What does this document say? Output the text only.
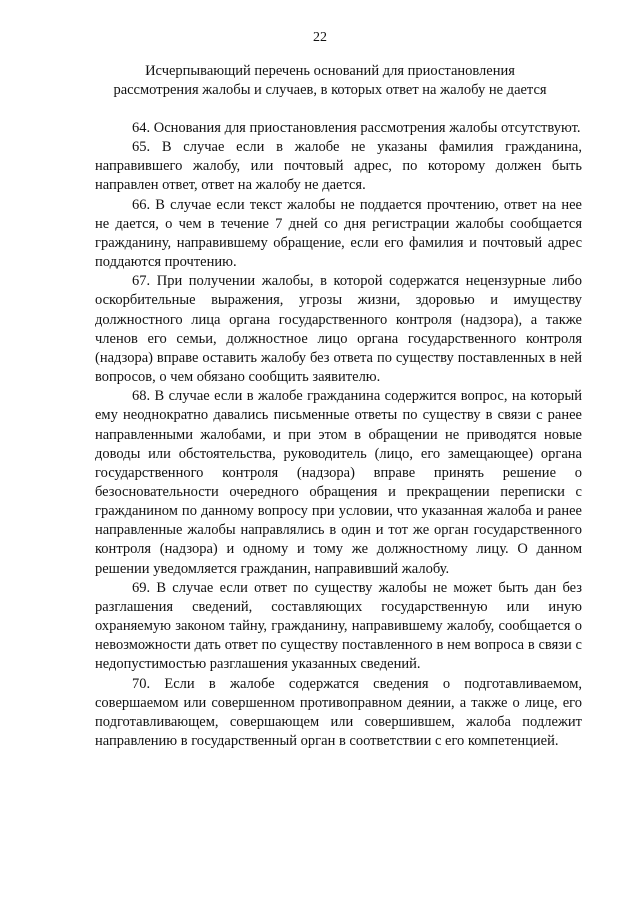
22
Исчерпывающий перечень оснований для приостановления
рассмотрения жалобы и случаев, в которых ответ на жалобу не дается

64. Основания для приостановления рассмотрения жалобы отсутствуют.

65. В случае если в жалобе не указаны фамилия гражданина, направившего жалобу, или почтовый адрес, по которому должен быть направлен ответ, ответ на жалобу не дается.

66. В случае если текст жалобы не поддается прочтению, ответ на нее не дается, о чем в течение 7 дней со дня регистрации жалобы сообщается гражданину, направившему обращение, если его фамилия и почтовый адрес поддаются прочтению.

67. При получении жалобы, в которой содержатся нецензурные либо оскорбительные выражения, угрозы жизни, здоровью и имуществу должностного лица органа государственного контроля (надзора), а также членов его семьи, должностное лицо органа государственного контроля (надзора) вправе оставить жалобу без ответа по существу поставленных в ней вопросов, о чем обязано сообщить заявителю.

68. В случае если в жалобе гражданина содержится вопрос, на который ему неоднократно давались письменные ответы по существу в связи с ранее направленными жалобами, и при этом в обращении не приводятся новые доводы или обстоятельства, руководитель (лицо, его замещающее) органа государственного контроля (надзора) вправе принять решение о безосновательности очередного обращения и прекращении переписки с гражданином по данному вопросу при условии, что указанная жалоба и ранее направленные жалобы направлялись в один и тот же орган государственного контроля (надзора) и одному и тому же должностному лицу. О данном решении уведомляется гражданин, направивший жалобу.

69. В случае если ответ по существу жалобы не может быть дан без разглашения сведений, составляющих государственную или иную охраняемую законом тайну, гражданину, направившему жалобу, сообщается о невозможности дать ответ по существу поставленного в нем вопроса в связи с недопустимостью разглашения указанных сведений.

70. Если в жалобе содержатся сведения о подготавливаемом, совершаемом или совершенном противоправном деянии, а также о лице, его подготавливающем, совершающем или совершившем, жалоба подлежит направлению в государственный орган в соответствии с его компетенцией.
